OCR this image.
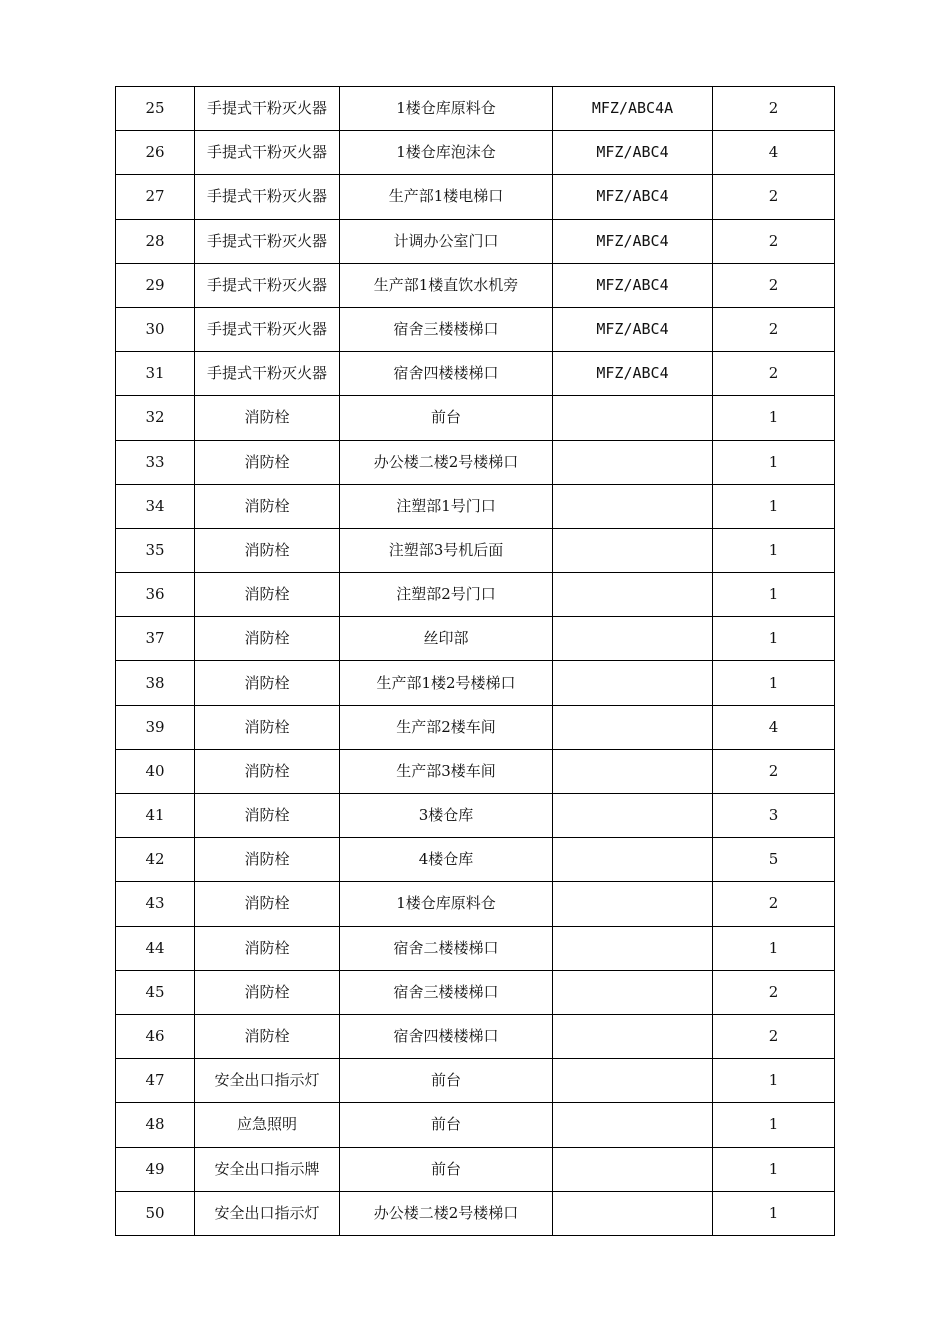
25	手提式干粉灭火器	1楼仓库原料仓	MFZ/ABC4A	2
26	手提式干粉灭火器	1楼仓库泡沫仓	MFZ/ABC4	4
27	手提式干粉灭火器	生产部1楼电梯口	MFZ/ABC4	2
28	手提式干粉灭火器	计调办公室门口	MFZ/ABC4	2
29	手提式干粉灭火器	生产部1楼直饮水机旁	MFZ/ABC4	2
30	手提式干粉灭火器	宿舍三楼楼梯口	MFZ/ABC4	2
31	手提式干粉灭火器	宿舍四楼楼梯口	MFZ/ABC4	2
32	消防栓	前台		1
33	消防栓	办公楼二楼2号楼梯口		1
34	消防栓	注塑部1号门口		1
35	消防栓	注塑部3号机后面		1
36	消防栓	注塑部2号门口		1
37	消防栓	丝印部		1
38	消防栓	生产部1楼2号楼梯口		1
39	消防栓	生产部2楼车间		4
40	消防栓	生产部3楼车间		2
41	消防栓	3楼仓库		3
42	消防栓	4楼仓库		5
43	消防栓	1楼仓库原料仓		2
44	消防栓	宿舍二楼楼梯口		1
45	消防栓	宿舍三楼楼梯口		2
46	消防栓	宿舍四楼楼梯口		2
47	安全出口指示灯	前台		1
48	应急照明	前台		1
49	安全出口指示牌	前台		1
50	安全出口指示灯	办公楼二楼2号楼梯口		1
